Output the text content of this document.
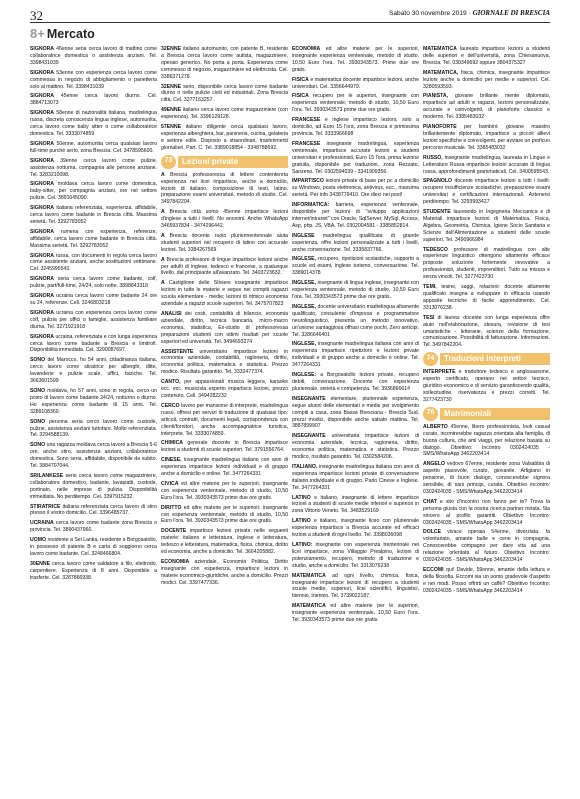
32	Sabato 30 novembre 2019 · GIORNALE DI BRESCIA
8+ Mercato

SIGNORA 46enne seria cerca lavoro di mattino come collaboratrice domestica o assistenza anziani. Tel. 3398431039

SIGNORA 53enne con esperienza cerca lavoro come commessa in negozio di abbigliamento o panetteria solo al mattino. Tel. 3398431039

SIGNORA 45enne cerca lavoro diurno. Cel. 3884713073

SIGNORA 58enne di nazionalità italiana, madrelingua russa, discreta conoscenza lingua inglese, automunita, cerca lavoro come baby sitter o come collaboratrice domestica. Tel. 3333074859

SIGNORA 50enne, automunita cerca qualsiasi lavoro full-time purché serio, zona Brescia. Cel. 3478595600.

SIGNORA 39enne cerca lavoro come pulizie, assistenza notturna, compagnia alle persone anziane. Tel. 3283210098.

SIGNORA moldava cerca lavoro come domestica, baby-sitter, per compagnia anziani, ore nel settore pulizie. Cel. 3891645090.

SIGNORA italiana referenziata, esperienza, affidabile, cerca lavoro come badante in Brescia città. Massima serietà. Tel. 3292783052

SIGNORA rumena con esperienza, referenze, affidabile, cerca lavoro come badante in Brescia città. Massima serietà. Tel. 3292783052

SIGNORA russa, con documenti in regola cerca lavoro come assistente anziani, anche sostituzioni settimane. Cel. 3245995543.

SIGNORA seria cerca lavoro come badante, colf, pulizie, part/full-time, 24/24, solo notte. 3898843318

SIGNORA ucraina cerca lavoro come badante 24 ore su 24, referenze. Cell. 3246803218

SIGNORA ucraina con esperienza cerca lavoro come colf, pulizia per uffici o famiglie, assistenza familiare diurna. Tel. 3271921918

SIGNORA ucraina, referenziata e con lunga esperienza cerca lavoro come badante a Brescia e limitrofi. Disponibilità immediata. Cel. 3290087697.

SONO del Marocco, ho 54 anni, cittadinanza italiana, cerco lavoro come stiratrice per alberghi, ditte, lavanderie e pulizie scale, uffici, banche. Tel. 3663601599

SONO moldava, ho 57 anni, sono in regola, cerco un posto di lavoro come badante 24/24, notturno o diurno. Ho esperienza come badante di 15 anni. Tel. 3289108369.

SONO persona seria cerco lavoro come custode, pulizie, assistenza anziani tuttofare. Molto referenziata. Tel. 3294588139.

SONO una ragazza moldava cerca lavoro a Brescia 5-6 ore, anche stiro, assistenza anziani, collaboratrice domestica. Sono seria, affidabile, disponibile da subito. Tel. 3884707044.

SRILANKESE serio cerca lavoro come magazziniere, collaboratore domestico, badante, lavapiatti, custode, portinaio, nelle imprese di pulizia. Disponibilità immediata. No perditempo. Cel. 3397915232.

STIRATRICE italiana referenziata cerca lavoro di stiro presso il vostro domicilio. Cel. 3396485737.

UCRAINA cerca lavoro come badante zona Brescia o provincia. Tel. 3890437960.

UOMO residente a Sei Lanka, residente a Borgosatollo, in possesso di patente B e carta di soggiorno cerca lavoro come badante. Cel. 3248466804.

30ENNE cerca lavoro come saldatore a filo, elettrodo, carpentiere. Esperienza di 8 anni. Disponibile a trasferte. Cel. 3287866938.

32ENNE italiano automunito, con patente B, residente a Brescia cerca lavoro come autista, magazziniere, operaio generico. No porta a porta. Esperienza come commesso di negozio, magazziniere ed elettricista. Cel. 3386371278.

32ENNE serio, disponibile cerca lavoro come badante diurno o nelle pulizie civili ed industriali. Zona Brescia città. Cel. 3277163257.

49ENNE italiano cerca lavoro come magazziniere (con esperienza). Tel. 3396129128.

57ENNE italiano diligente cerca qualsiasi lavoro, esperienza alberghiera, bar, panineria, cucina, gelateria e settore edile. Disposto a straordinari, trasferimenti giornalieri. Part. C. Tel. 3389018854 - 3348788692.

73	Lezioni private

A Brescia professoressa di lettere contentenrta esperienza nei licei impartisce, anche a domicilio, lezioni di italiano, composizione di testi, latino, preparazione esami universitari, metodo di studio. Cel. 3497842204.

A Brescia città uomo 45enne impartisce lezioni d'inglese a tutti i livelli. No anonimi. Anche WhatsApp 3465937834 - 3474296442.

A Brescia docente ruolo pluriennentennale aiuta studenti superiori nel recupero di latino con accurate lezioni. Tel. 3384267569

A Brescia professore di lingue impartisce lezioni anche per adulti di inglese, tedesco e francese, a qualunque livello, dal principiante all'avanzato. Tel. 3403723632.

A Castiglione delle Stiviere insegnante impartisce lezioni in tutte le materie e segue nei compiti ragazzi scuola elementare - medie; lezioni di ritmico economia aziendale a ragazzi scuole superiori. Tel. 3475707823

ANALISI dei costi, contabilità di bilancio, economia aziendale, diritto, tecnica bancaria, micro-macro economia, statistica, Ex-studio di professoressa preparazioni studenti con ottimi risultati per scuole superiori ed università. Tel. 3494693274

ASSISTENTE universitario impartisce lezioni in economia aziendale, contabilità, ragioneria, diritto, economia politica, matematica e statistica. Prezzo modico. Risultato garantito. Tel. 3332477374.

CANTO, per appassionati musica leggera, karaoke ecc. ecc. musicista esperto impartisce lezioni, prezzo contenuto. Cell. 3494282232

CERCO lavoro per mansione di interprete, madrelingua russo, offresi per servizi di traduzione di qualsiasi tipo: articoli, contratti, documenti legali, corrispondenza con clienti/fornitori, anche accompagnatrice turistica, interprete. Tel. 3333074859.

CHIMICA generale docente in Brescia impartisce lezioni a studenti di scuole superiori. Tel. 3791556764.

CINESE, insegnante madrelingua italiano con anni di esperienza impartisce lezioni individuali e di gruppo anche a domicilio e online. Tel. 3477264331

CIVICA ed altre materie per le superiori, insegnante con esperienza ventennale, metodo di studio, 10,50 Euro l'ora. Tel. 3930343573 prime due ore gratis.

DIRITTO ed altre materie per le superiori, insegnante con esperienza ventennale, metodo di studio, 10,50 Euro l'ora. Tel. 3930343573 prime due ore gratis.

DOCENTE impartisce lezioni private nelle seguenti materie: italiano e letteratura, inglese e letteratura, tedesco e letteratura, matematica, fisica, chimica, diritto ed economia, anche a domicilio. Tel. 3664205882.

ECONOMIA aziendale, Economia Politica, Diritto insegnante con esperienza, impartisce lezioni in materie economico-giuridiche, anche a domicilio. Prezzi modici. Cel. 3397477336.

ECONOMIA ed altre materie per le superiori, insegnante esperienza ventennale, metodo di studio, 10,50 Euro l'ora. Tel. 3930343573. Prime due ore gratis.

FISICA e matematica docente impartisce lezioni, anche universitari. Cel. 3356644979.

FISICA recupero per le superiori, insegnante con esperienza ventennale, metodo di studio, 10,50 Euro l'ora. Tel. 3930343573 prime due ore gratis.

FRANCESE e inglese impartisco lezioni, solo a domicilio, ad Euro 15 l'ora, zona Brescia e primissima provincia. Tel. 3333966698

FRANCESE insegnante madrelingua, esperienza ventennale, impartisce accurate lezioni a studenti universitari e professionisti, Euro 15 l'ora, prima lezione gratuita, disponibile per traduzioni, zona Rezzato, Sanzeno. Tel. 0302594039 - 3341909356.

IMPARTISCO lezioni private di base per pc a domicilio su Windows, posta elettronica, antivirus, ecc., massima serietà. Per info 3438779410. Ore dieci nei post!

INFORMATICA: barriera, esperienza ventennale, disponibile per lezioni di "sviluppo applicazioni internet/intranet" con Oracle, SqlServer, MySql, Access, Asp, php, JS, VBA. Tel. 0302004581 - 3385852814.

INGLESE madrelingua qualificata di grande esperienza, offre lezioni personalizzate a tutti i livelli, anche conversazione. Tel. 3335837766.

INGLESE, recupero, ripetizioni scolastiche, supporto a scuole ed esami, inglese turismo, conversazione. Tel. 3389014378

INGLESE, insegnante di lingua inglese, insegnante con esperienza ventennale, metodo di studio, 10,50 Euro l'ora. Tel. 3930343573 prime due ore gratis.

INGLESE, docente universitario madrelingua altamente qualificato, consulente d'impresa e programmatore neurolinguistico, presenta un metodo innovativo, un'unione vantaggiosa offrasi come pochi. Zero anticipi. Tel. 3286646401

INGLESE, insegnante madrelingua italiana con anni di esperienza impartisce ripetizioni e lezioni private individuali e di gruppo anche a domicilio e online. Tel. 3477264331

INGLESE: a Borgosatollo lezioni private, recupero debiti, conversazione. Docente con esperienza pluriennale, serietà e competenza. Tel. 3936866614

INSEGNANTE elementare, pluriennale esperienza, segue alunni delle elementari e medie per svolgimento compiti a casa, zona Bassa Bresciana - Brescia Sud, prezzi modici, disponibile anche sabato mattina. Tel. 3887899907

INSEGNANTE universitaria impartisce lezioni di economia aziendale, tecnica, ragioneria, diritto, economia politica, matematica e statistica. Prezzo modico, risultato garantito. Tel. 0302584206.

ITALIANO, insegnante madrelingua italiana con anni di esperienza impartisce lezioni private di conversazione italiano individuale e di gruppo. Parlo Cinese e Inglese. Tel. 3477264331

LATINO e italiano, insegnante di lettere impartisce lezioni a studenti di scuole medie inferiori e superiori in zona Vittorio Veneto. Tel. 3483529169

LATINO e italiano, insegnante liceo con pluriennale esperienza impartisce a Brescia accurate ed efficaci lezioni a studenti di ogni livello. Tel. 3398036098

LATINO: insegnante con esperienza trentennale nei licei impartisce, zona Villaggio Prealpino, lezioni di potenziamento, recupero, metodo di traduzione e studio, anche a domicilio. Tel. 3313076238

MATEMATICA ad ogni livello, chimica, fisica, insegnante impartisce lezioni di recupero a studenti scuole medie, superiori, licei scientifici, linguistici, biennio, triennio. Tel. 3739022187.

MATEMATICA ed altre materie per le superiori, insegnante esperienza ventennale, 10,50 Euro l'ora. Tel. 3930343573 prime due ore gratis.

MATEMATICA laureato impartisce lezioni a studenti delle superiori e dell'università, zona Chiesanuova, Brescia. Tel. 030349692 oppure 3804375327

MATEMATICA, fisica, chimica, insegnante impartisce lezioni anche a domicilio per medie e superiori. Cel. 3280593593.

PIANISTA, giovane brillante mente diplomato, impartisce ad adulti e ragazzi, lezioni personalizzate, accurate e coinvolgenti, di pianoforte classico e moderno. Tel. 3385483032

PIANOFORTE per bambini: giovane maestro brillantemente diplomato, impartisce a piccoli allievi lezioni specifiche e coinvolgenti, per avviare un proficuo percorso musicale. Tel. 3385483032

RUSSO, insegnante madrelingua, laureata in Lingue e Letterature Russa impartisce lezioni accurate di lingua russa, approfondimenti grammaticali. Cel. 3400595543.

SPAGNOLO docente impartisce lezioni a tutti i livelli: recupero insufficienze scolastiche, preparazione esami universitari e certificazioni internazionali. Astenersi perditempo. Tel. 3293993427

STUDENTE laureando in Ingegneria Meccanica e di Materiali impartisce lezioni di Matematica, Fisica, Algebra, Geometria, Chimica, Igiene Socio Sanitaria e Scienze dell'Alimentazione a studenti delle scuole superiori. Tel. 3490966984

TEDESCO professore di madrelingua con alte esperienze linguistico ottengono altamente efficace proposte soluzione fortemente innovative a professionisti, studenti, imprenditori. Tutto su misura e senza vincoli. Tel. 3277423730

TEMI, tesine, saggi, relazioni: docente altamente qualificato insegna a sviluppare in efficacia usando apposite tecniche di facile apprendimento. Cel. 3313076238.

TESI di laurea: docente con lunga esperienza offre aiuto nell'elaborazione, stesura, revisione di tesi umanistiche - letterarie, scienze della formazione, comunicazione. Possibilità di fatturazione. Informazioni. Tel. 3497842204.

74	Traduzioni interpreti

INTERPRETE e traduttore tedesco e anglosassone, esperto certificato, operano nei settori tecnico, giuridico-economico e di servizio garantiscendo qualità, sollecitudine, riservatezza e prezzi corretti. Tel. 3277423730

76	Matrimoniali

ALBERTO 45enne, libero professionista, look casual curato, incontrerebbe ragazza orientata alla famiglia, di buona cultura, che ami viaggi, per relazione basata su dialogo. Obiettivo: Incontro 0302424035 - SMS/WhatsApp 3462203414

ANGELO vedovo 67enne, residente zona Valsabbia di aspetto piacevole, curato, giovanile. Artigiano in pensione, di buon dialogo, conoscerebbe signora sensibile, di sani principi, curata. Obiettivo incontro: 0302424035 - SMS/WhatsApp 3462203414

CHAT e sito d'incontro non fanno per te? Trova la persona giusta con la nostra ricerca partner mirata. Sia sincero al profilo garantiti. Obiettivo Incontro: 0302424035 - SMS/WhatsApp 3462203414

DOLCE vivace operaia 54enne, divorziata, fa volontariato, amante balle e cene in compagnia. Conoscerebbe compagno per dare vita ad una relazione orientata al futuro. Obiettivo Incontro: 0302424035 - SMS/WhatsApp 3462203414

ECCOMI qui! Davide, 59enne, amante della lettura e della filosofia. Eccomi sia un uomo gradevole d'aspetto e nei modi. Posso offrirti un caffè? Obiettivo Incontro: 0302424035 - SMS/WhatsApp 3462203414
